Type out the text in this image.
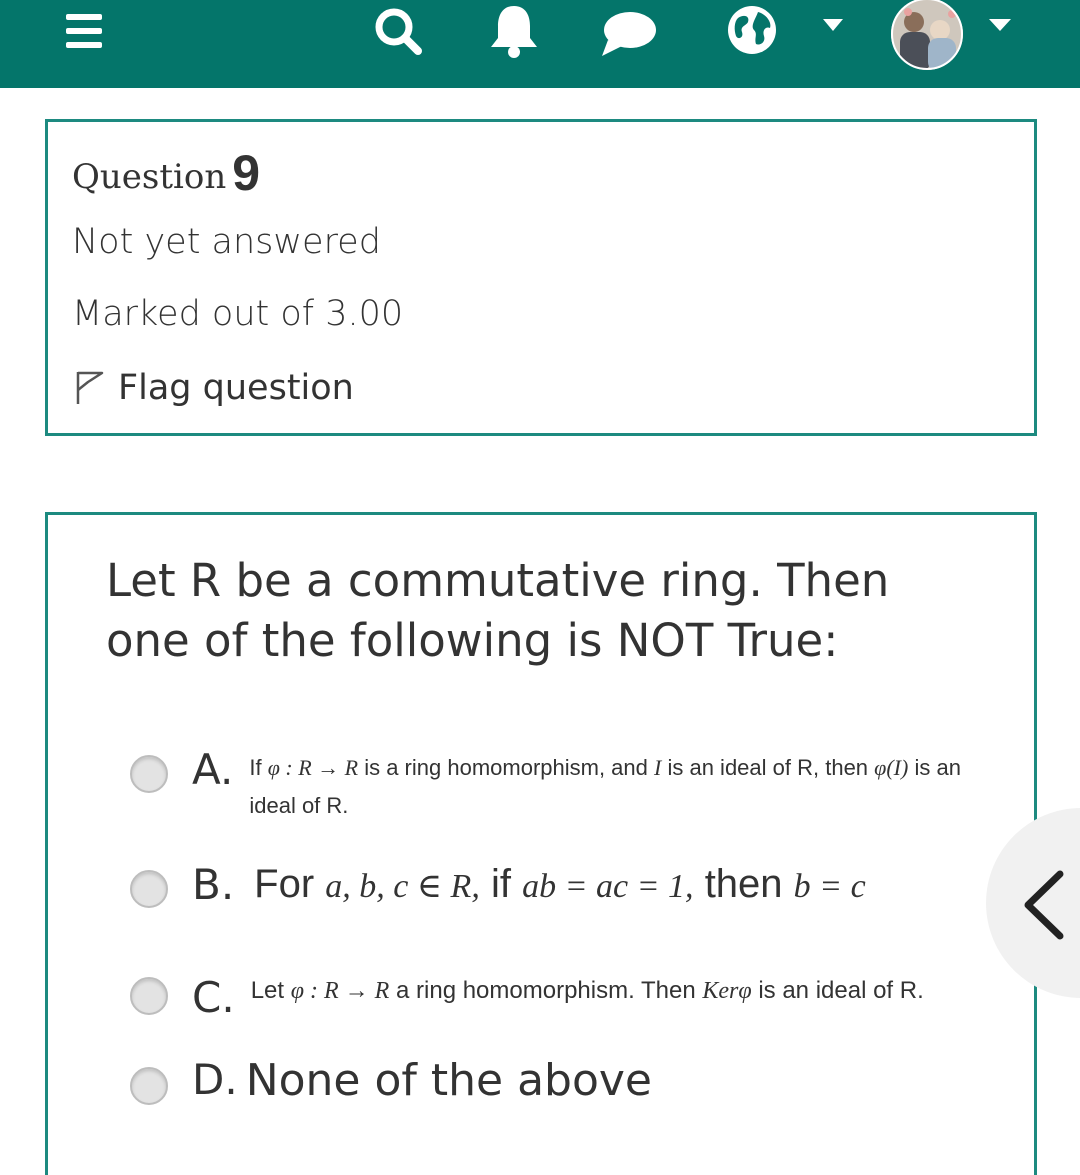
Question 9
Not yet answered
Marked out of 3.00
Flag question
Let R be a commutative ring. Then one of the following is NOT True:
A. If φ : R → R is a ring homomorphism, and I is an ideal of R, then φ(I) is an ideal of R.
B. For a, b, c ∈ R, if ab = ac = 1, then b = c
C. Let φ : R → R a ring homomorphism. Then Kerφ is an ideal of R.
D. None of the above
